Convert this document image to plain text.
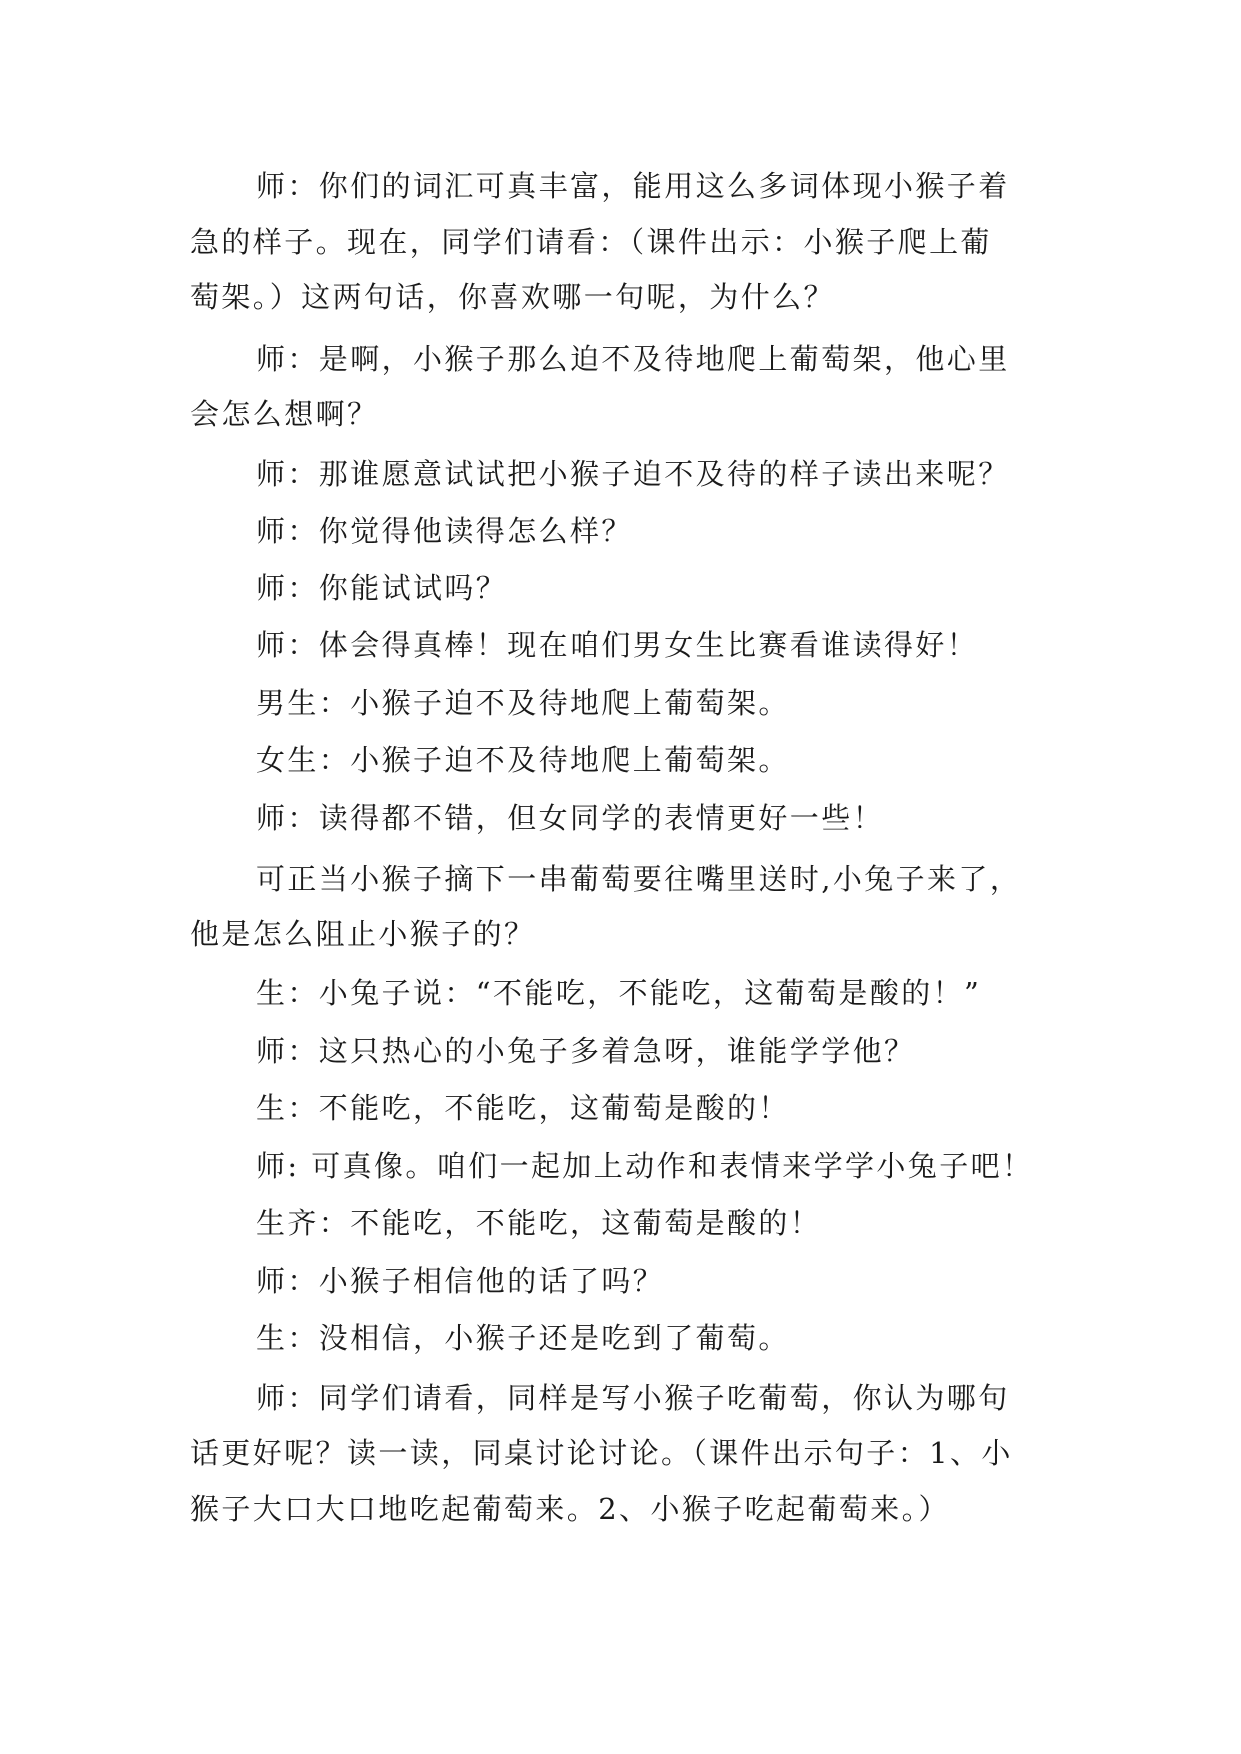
师：你们的词汇可真丰富，能用这么多词体现小猴子着
急的样子。现在，同学们请看：（课件出示：小猴子爬上葡
萄架。）这两句话，你喜欢哪一句呢，为什么？
师：是啊，小猴子那么迫不及待地爬上葡萄架，他心里
会怎么想啊？
师：那谁愿意试试把小猴子迫不及待的样子读出来呢？
师：你觉得他读得怎么样？
师：你能试试吗？
师：体会得真棒！现在咱们男女生比赛看谁读得好！
男生：小猴子迫不及待地爬上葡萄架。
女生：小猴子迫不及待地爬上葡萄架。
师：读得都不错，但女同学的表情更好一些！
可正当小猴子摘下一串葡萄要往嘴里送时,小兔子来了，
他是怎么阻止小猴子的？
生：小兔子说：“不能吃，不能吃，这葡萄是酸的！”
师：这只热心的小兔子多着急呀，谁能学学他？
生：不能吃，不能吃，这葡萄是酸的！
师: 可真像。咱们一起加上动作和表情来学学小兔子吧！
生齐：不能吃，不能吃，这葡萄是酸的！
师：小猴子相信他的话了吗？
生：没相信，小猴子还是吃到了葡萄。
师：同学们请看，同样是写小猴子吃葡萄，你认为哪句
话更好呢？读一读，同桌讨论讨论。（课件出示句子：1、小
猴子大口大口地吃起葡萄来。2、小猴子吃起葡萄来。）
